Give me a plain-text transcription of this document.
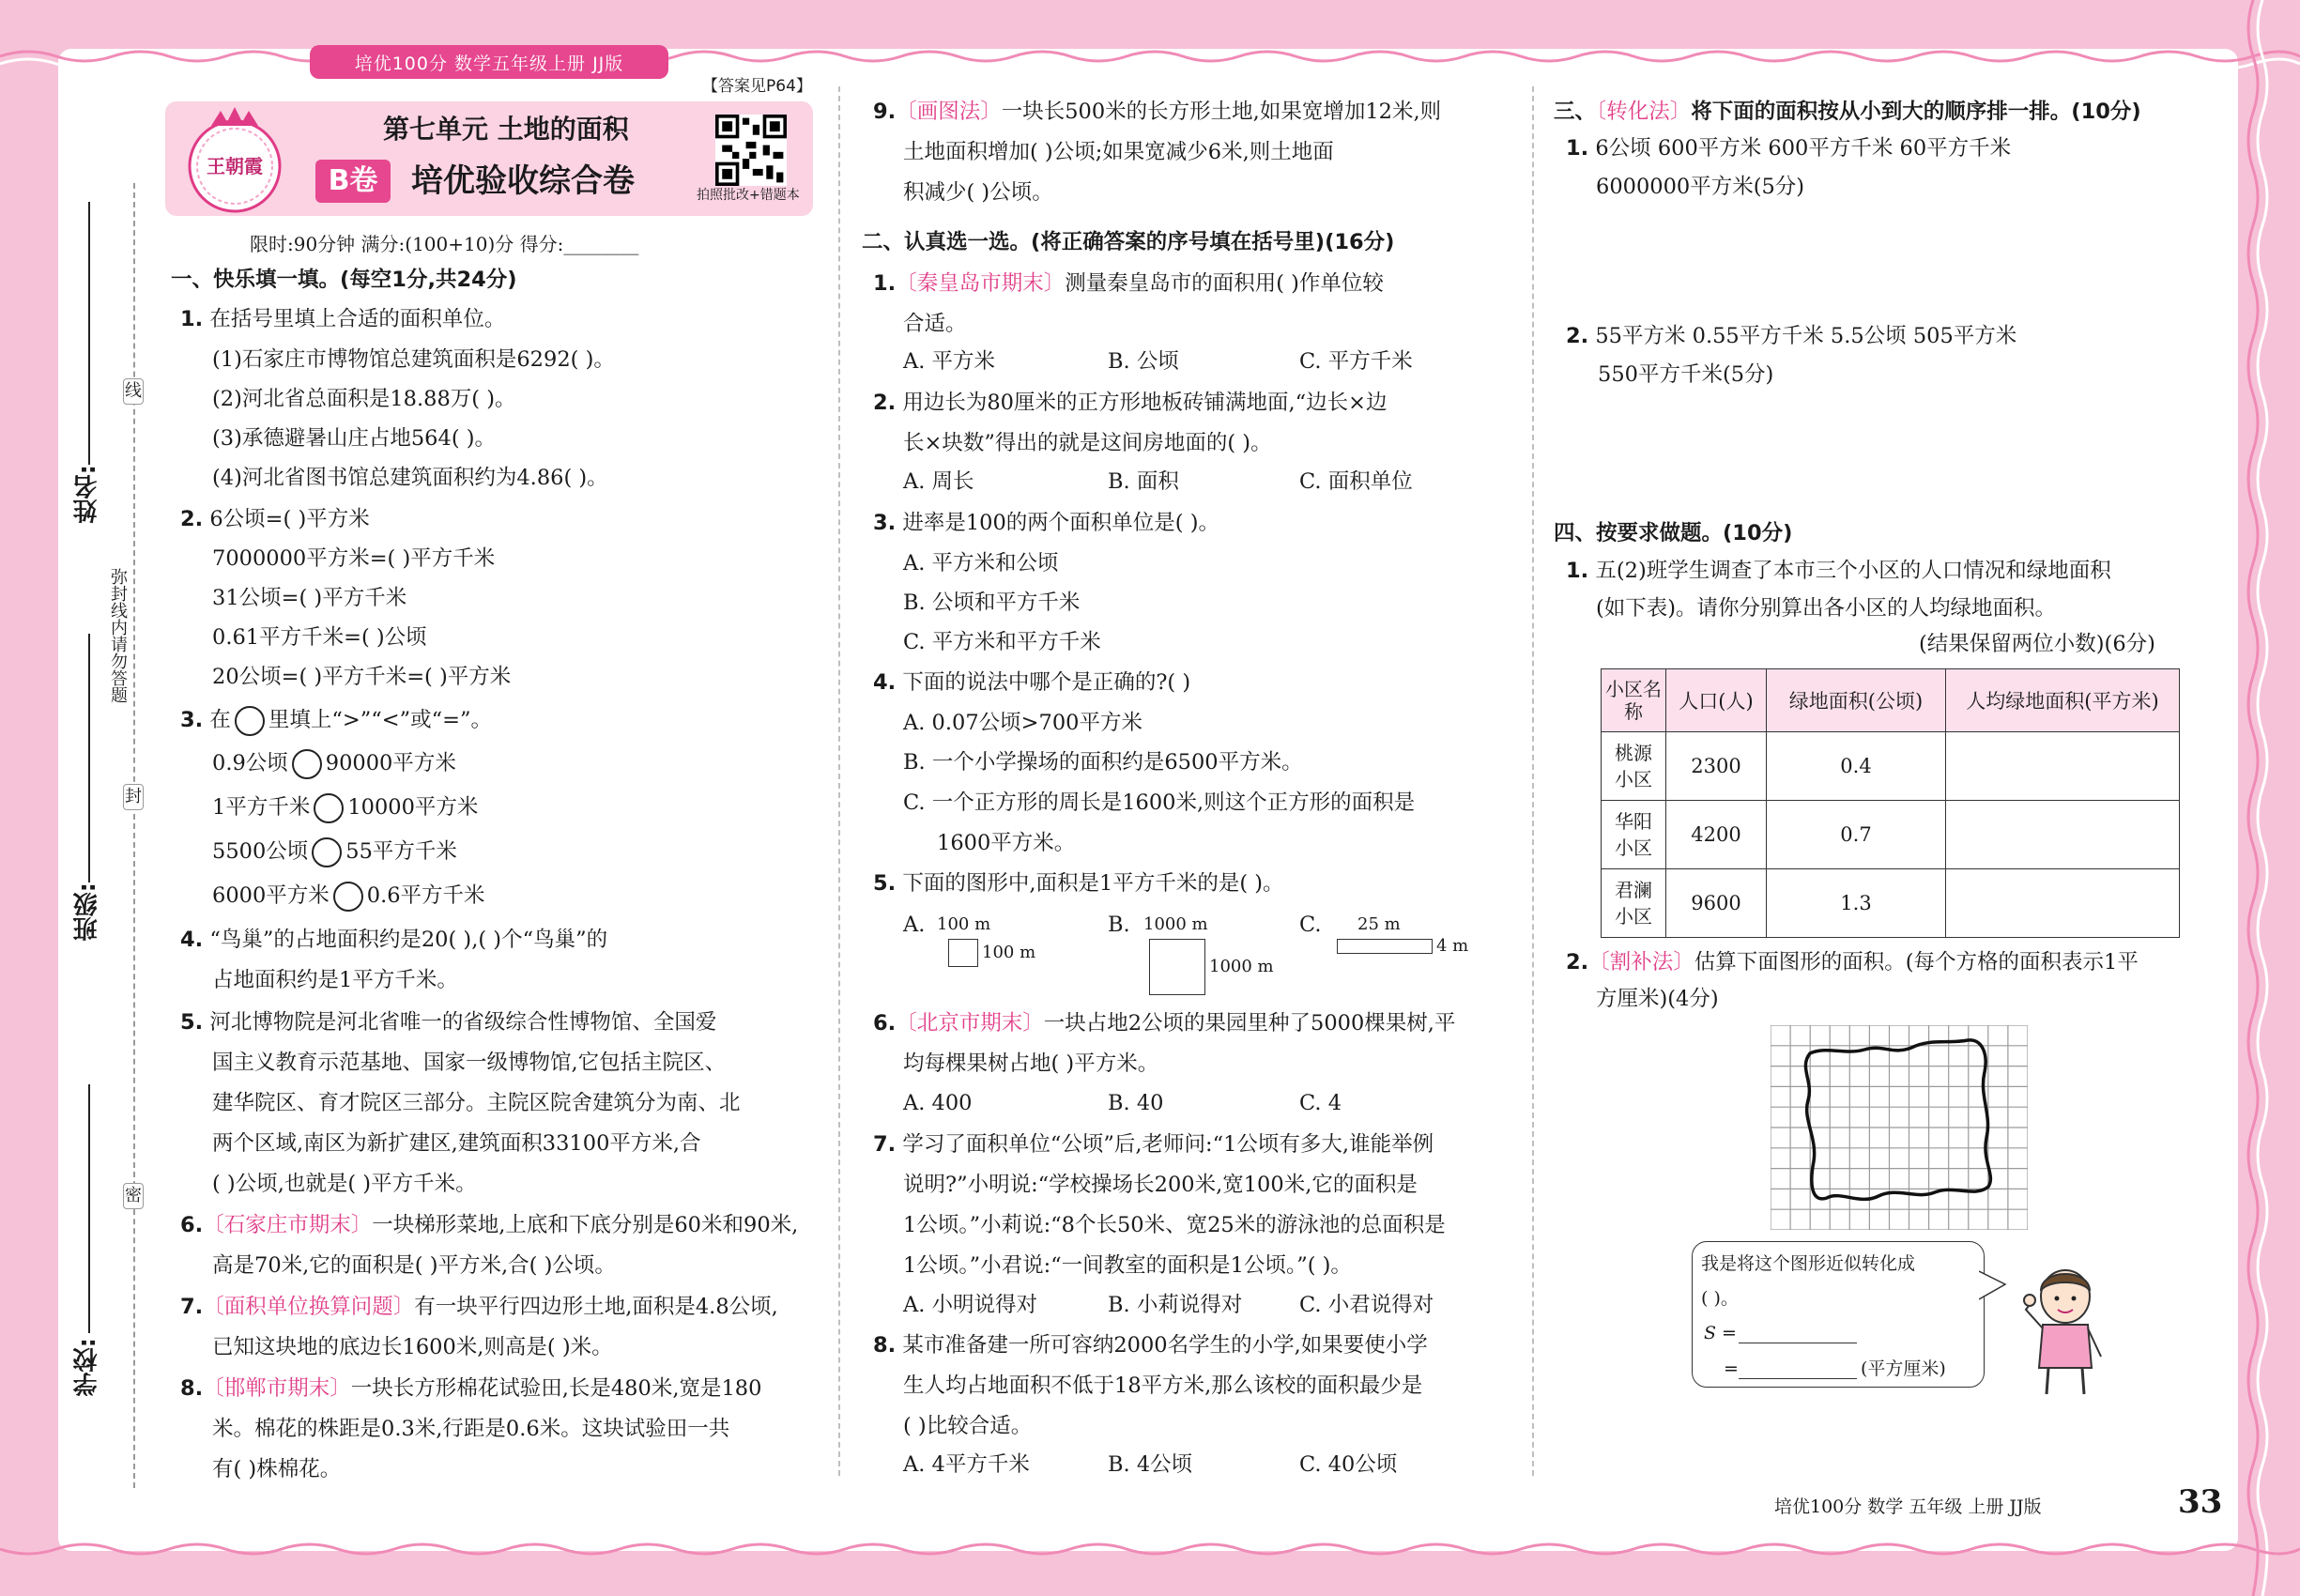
培优100分 数学五年级上册 JJ版
姓名:
班级:
学校:
线
封
密
弥封线内请勿答题
王朝霞
第七单元 土地的面积
B卷	培优验收综合卷
【答案见P64】
拍照批改+错题本
限时:90分钟 满分:(100+10)分 得分:________
一、快乐填一填。(每空1分,共24分)
1. 在括号里填上合适的面积单位。
(1)石家庄市博物馆总建筑面积是6292( )。
(2)河北省总面积是18.88万( )。
(3)承德避暑山庄占地564( )。
(4)河北省图书馆总建筑面积约为4.86( )。
2. 6公顷=( )平方米
7000000平方米=( )平方千米
31公顷=( )平方千米
0.61平方千米=( )公顷
20公顷=( )平方千米=( )平方米
3. 在 里填上“>”“<”或“=”。
0.9公顷 90000平方米
1平方千米 10000平方米
5500公顷 55平方千米
6000平方米 0.6平方千米
4. “鸟巢”的占地面积约是20( ),( )个“鸟巢”的
占地面积约是1平方千米。
5. 河北博物院是河北省唯一的省级综合性博物馆、全国爱
国主义教育示范基地、国家一级博物馆,它包括主院区、
建华院区、育才院区三部分。主院区院舍建筑分为南、北
两个区域,南区为新扩建区,建筑面积33100平方米,合
( )公顷,也就是( )平方千米。
6.〔石家庄市期末〕一块梯形菜地,上底和下底分别是60米和90米,
高是70米,它的面积是( )平方米,合( )公顷。
7.〔面积单位换算问题〕有一块平行四边形土地,面积是4.8公顷,
已知这块地的底边长1600米,则高是( )米。
8.〔邯郸市期末〕一块长方形棉花试验田,长是480米,宽是180
米。棉花的株距是0.3米,行距是0.6米。这块试验田一共
有( )株棉花。
9.〔画图法〕一块长500米的长方形土地,如果宽增加12米,则
土地面积增加( )公顷;如果宽减少6米,则土地面
积减少( )公顷。
二、认真选一选。(将正确答案的序号填在括号里)(16分)
1.〔秦皇岛市期末〕测量秦皇岛市的面积用( )作单位较
合适。
A. 平方米	B. 公顷	C. 平方千米
2. 用边长为80厘米的正方形地板砖铺满地面,“边长×边
长×块数”得出的就是这间房地面的( )。
A. 周长	B. 面积	C. 面积单位
3. 进率是100的两个面积单位是( )。
A. 平方米和公顷
B. 公顷和平方千米
C. 平方米和平方千米
4. 下面的说法中哪个是正确的?( )
A. 0.07公顷>700平方米
B. 一个小学操场的面积约是6500平方米。
C. 一个正方形的周长是1600米,则这个正方形的面积是
1600平方米。
5. 下面的图形中,面积是1平方千米的是( )。
A. 100 m
100 m
B. 1000 m
1000 m
C. 25 m
4 m
6.〔北京市期末〕一块占地2公顷的果园里种了5000棵果树,平
均每棵果树占地( )平方米。
A. 400	B. 40	C. 4
7. 学习了面积单位“公顷”后,老师问:“1公顷有多大,谁能举例
说明?”小明说:“学校操场长200米,宽100米,它的面积是
1公顷。”小莉说:“8个长50米、宽25米的游泳池的总面积是
1公顷。”小君说:“一间教室的面积是1公顷。”( )。
A. 小明说得对	B. 小莉说得对	C. 小君说得对
8. 某市准备建一所可容纳2000名学生的小学,如果要使小学
生人均占地面积不低于18平方米,那么该校的面积最少是
( )比较合适。
A. 4平方千米	B. 4公顷	C. 40公顷
三、〔转化法〕将下面的面积按从小到大的顺序排一排。(10分)
1. 6公顷 600平方米 600平方千米 60平方千米
6000000平方米(5分)
2. 55平方米 0.55平方千米 5.5公顷 505平方米
550平方千米(5分)
四、按要求做题。(10分)
1. 五(2)班学生调查了本市三个小区的人口情况和绿地面积
(如下表)。请你分别算出各小区的人均绿地面积。
(结果保留两位小数)(6分)
小区名称	人口(人)	绿地面积(公顷)	人均绿地面积(平方米)
桃源小区	2300	0.4	
华阳小区	4200	0.7	
君澜小区	9600	1.3	
2.〔割补法〕估算下面图形的面积。(每个方格的面积表示1平
方厘米)(4分)
我是将这个图形近似转化成
( )。
S =
=	(平方厘米)
培优100分 数学 五年级 上册 JJ版	33
